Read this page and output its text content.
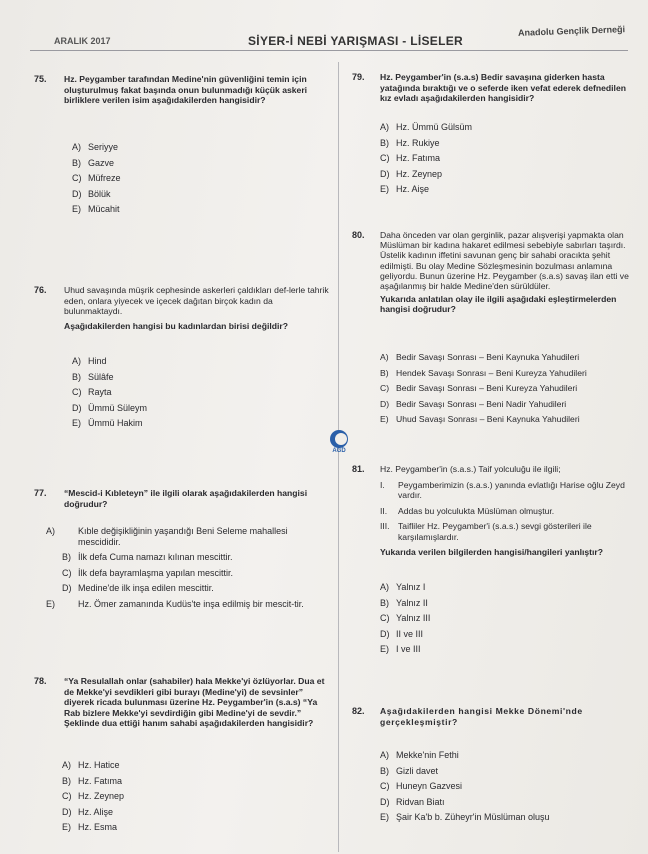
ARALIK 2017	SİYER-İ NEBİ YARIŞMASI - LİSELER
Anadolu Gençlik Derneği
AGD
75. Hz. Peygamber tarafından Medine'nin güvenliğini temin için oluşturulmuş fakat başında onun bulunmadığı küçük askeri birliklere verilen isim aşağıdakilerden hangisidir?
A) Seriyye
B) Gazve
C) Müfreze
D) Bölük
E) Mücahit
76. Uhud savaşında müşrik cephesinde askerleri çaldıkları def-lerle tahrik eden, onlara yiyecek ve içecek dağıtan birçok kadın da bulunmaktaydı.
Aşağıdakilerden hangisi bu kadınlardan birisi değildir?
A) Hind
B) Sülâfe
C) Rayta
D) Ümmü Süleym
E) Ümmü Hakim
77. “Mescid-i Kıbleteyn” ile ilgili olarak aşağıdakilerden hangisi doğrudur?
A)	Kıble değişikliğinin yaşandığı Beni Seleme mahallesi mescididir.
B) İlk defa Cuma namazı kılınan mescittir.
C) İlk defa bayramlaşma yapılan mescittir.
D) Medine'de ilk inşa edilen mescittir.
E)	Hz. Ömer zamanında Kudüs'te inşa edilmiş bir mescit-tir.
78. “Ya Resulallah onlar (sahabiler) hala Mekke'yi özlüyorlar. Dua et de Mekke'yi sevdikleri gibi burayı (Medine'yi) de sevsinler” diyerek ricada bulunması üzerine Hz. Peygamber'in (s.a.s) “Ya Rab bizlere Mekke'yi sevdirdiğin gibi Medine'yi de sevdir.” Şeklinde dua ettiği hanım sahabi aşağıdakilerden hangisidir?
A) Hz. Hatice
B) Hz. Fatıma
C) Hz. Zeynep
D) Hz. Alişe
E) Hz. Esma
79. Hz. Peygamber'in (s.a.s) Bedir savaşına giderken hasta yatağında bıraktığı ve o seferde iken vefat ederek defnedilen kız evladı aşağıdakilerden hangisidir?
A) Hz. Ümmü Gülsüm
B) Hz. Rukiye
C) Hz. Fatıma
D) Hz. Zeynep
E) Hz. Aişe
80. Daha önceden var olan gerginlik, pazar alışverişi yapmakta olan Müslüman bir kadına hakaret edilmesi sebebiyle sabırları taşırdı. Üstelik kadının iffetini savunan genç bir sahabi oracıkta şehit edilmişti. Bu olay Medine Sözleşmesinin bozulması anlamına geliyordu. Bunun üzerine Hz. Peygamber (s.a.s) savaş ilan etti ve aşağılanmış bir halde Medine'den sürüldüler.
Yukarıda anlatılan olay ile ilgili aşağıdaki eşleştirmelerden hangisi doğrudur?
A) Bedir Savaşı Sonrası – Beni Kaynuka Yahudileri
B) Hendek Savaşı Sonrası – Beni Kureyza Yahudileri
C) Bedir Savaşı Sonrası – Beni Kureyza Yahudileri
D) Bedir Savaşı Sonrası – Beni Nadir Yahudileri
E) Uhud Savaşı Sonrası – Beni Kaynuka Yahudileri
81. Hz. Peygamber'in (s.a.s.) Taif yolculuğu ile ilgili;
I. Peygamberimizin (s.a.s.) yanında evlatlığı Harise oğlu Zeyd vardır.
II. Addas bu yolculukta Müslüman olmuştur.
III. Taifliler Hz. Peygamber'i (s.a.s.) sevgi gösterileri ile karşılamışlardır.
Yukarıda verilen bilgilerden hangisi/hangileri yanlıştır?
A) Yalnız I
B) Yalnız II
C) Yalnız III
D) II ve III
E) I ve III
82. Aşağıdakilerden hangisi Mekke Dönemi'nde gerçekleşmiştir?
A) Mekke'nin Fethi
B) Gizli davet
C) Huneyn Gazvesi
D) Ridvan Biatı
E) Şair Ka'b b. Züheyr'in Müslüman oluşu
